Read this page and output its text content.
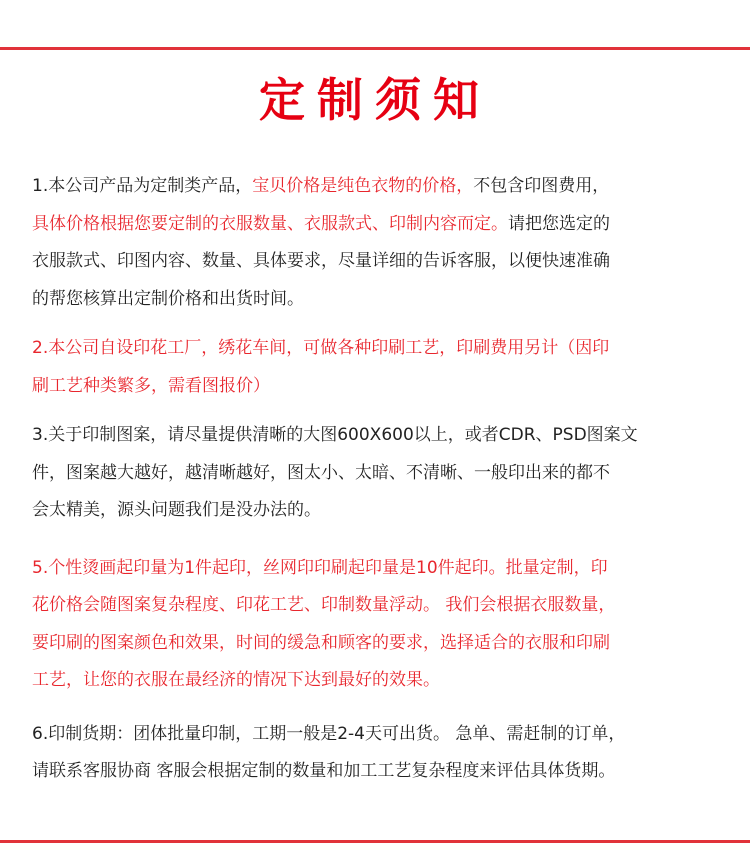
定制须知
1.本公司产品为定制类产品，宝贝价格是纯色衣物的价格，不包含印图费用，
具体价格根据您要定制的衣服数量、衣服款式、印制内容而定。请把您选定的
衣服款式、印图内容、数量、具体要求，尽量详细的告诉客服，以便快速准确
的帮您核算出定制价格和出货时间。
2.本公司自设印花工厂，绣花车间，可做各种印刷工艺，印刷费用另计（因印
刷工艺种类繁多，需看图报价）
3.关于印制图案，请尽量提供清晰的大图600X600以上，或者CDR、PSD图案文
件，图案越大越好，越清晰越好，图太小、太暗、不清晰、一般印出来的都不
会太精美，源头问题我们是没办法的。
5.个性烫画起印量为1件起印，丝网印印刷起印量是10件起印。批量定制，印
花价格会随图案复杂程度、印花工艺、印制数量浮动。 我们会根据衣服数量，
要印刷的图案颜色和效果，时间的缓急和顾客的要求，选择适合的衣服和印刷
工艺，让您的衣服在最经济的情况下达到最好的效果。
6.印制货期：团体批量印制，工期一般是2-4天可出货。 急单、需赶制的订单，
请联系客服协商 客服会根据定制的数量和加工工艺复杂程度来评估具体货期。
